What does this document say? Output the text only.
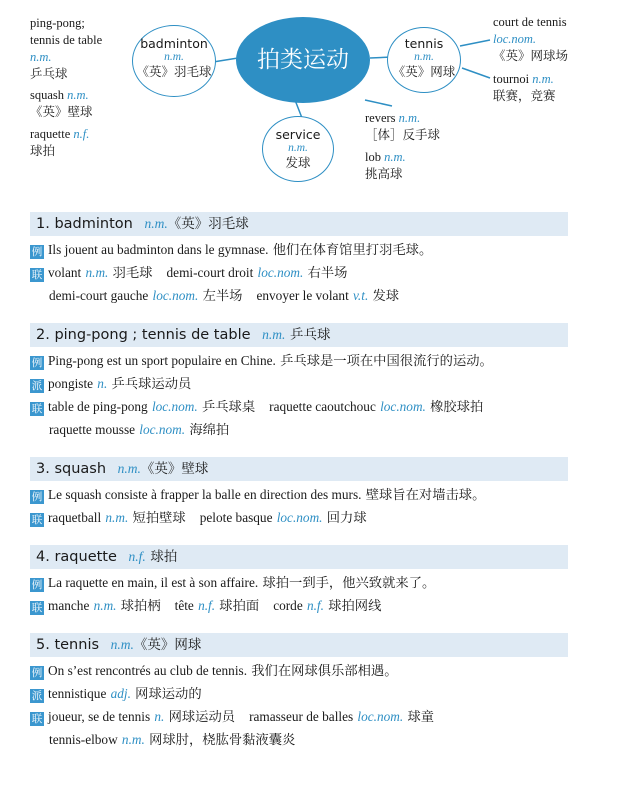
ping-pong;
tennis de table
n.m.
乒乓球
squash n.m.
《英》壁球
raquette n.f.
球拍
badminton
n.m.
《英》羽毛球	拍类运动
tennis
n.m.
《英》网球
service
n.m.
发球
court de tennis
loc.nom.
《英》网球场
tournoi n.m.
联赛，竞赛
revers n.m.
［体］反手球
lob n.m.
挑高球
1. badminton n.m.《英》羽毛球
例 Ils jouent au badminton dans le gymnase. 他们在体育馆里打羽毛球。
联 volant n.m. 羽毛球 demi-court droit loc.nom. 右半场
demi-court gauche loc.nom. 左半场 envoyer le volant v.t. 发球
2. ping-pong ; tennis de table n.m. 乒乓球
例 Ping-pong est un sport populaire en Chine. 乒乓球是一项在中国很流行的运动。
派 pongiste n. 乒乓球运动员
联 table de ping-pong loc.nom. 乒乓球桌 raquette caoutchouc loc.nom. 橡胶球拍
raquette mousse loc.nom. 海绵拍
3. squash n.m.《英》壁球
例 Le squash consiste à frapper la balle en direction des murs. 壁球旨在对墙击球。
联 raquetball n.m. 短拍壁球 pelote basque loc.nom. 回力球
4. raquette n.f. 球拍
例 La raquette en main, il est à son affaire. 球拍一到手，他兴致就来了。
联 manche n.m. 球拍柄 tête n.f. 球拍面 corde n.f. 球拍网线
5. tennis n.m.《英》网球
例 On s’est rencontrés au club de tennis. 我们在网球俱乐部相遇。
派 tennistique adj. 网球运动的
联 joueur, se de tennis n. 网球运动员 ramasseur de balles loc.nom. 球童
tennis-elbow n.m. 网球肘，桡肱骨黏液囊炎
